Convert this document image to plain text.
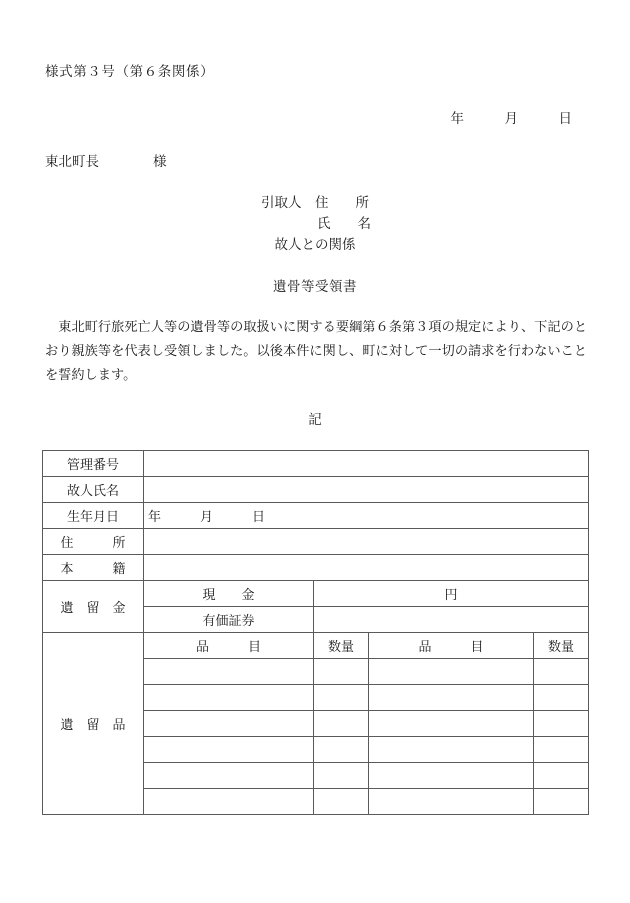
様式第３号（第６条関係）
年　　　月　　　日
東北町長　　　　様
引取人　住　　所
氏　　名
故人との関係
遺骨等受領書
　東北町行旅死亡人等の遺骨等の取扱いに関する要綱第６条第３項の規定により、下記のとおり親族等を代表し受領しました。以後本件に関し、町に対して一切の請求を行わないことを誓約します。
記
管理番号				
故人氏名				
生年月日	年　　　月　　　日			
住　　　所				
本　　　籍				
遺　留　金	現　　金	円		
	有価証券			
遺　留　品	品　　　目	数量	品　　　目	数量
